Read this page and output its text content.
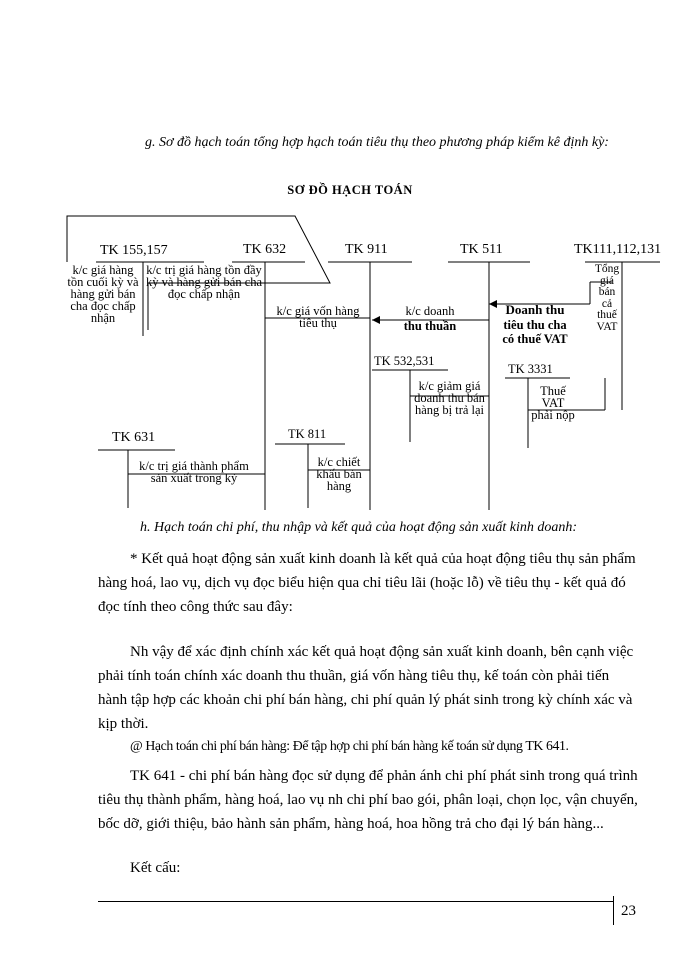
g. Sơ đồ hạch toán tổng hợp hạch toán tiêu thụ theo phương pháp kiểm kê định kỳ:
SƠ ĐỒ HẠCH TOÁN
TK 155,157	TK 632	TK 911	TK 511	TK111,112,131
TK 532,531
TK 3331
TK 631	TK 811
k/c giá hàng tồn cuối kỳ và hàng gửi bán cha đọc chấp nhận
k/c trị giá hàng tồn đầy kỳ và hàng gửi bán cha đọc chấp nhận
k/c giá vốn hàng tiêu thụ
k/c doanh
thu thuần
Doanh thu
tiêu thu cha
có thuế VAT
Tổng giá bán cả thuế VAT
k/c giảm giá doanh thu bán hàng bị trả lại
Thuế VAT phải nộp
k/c trị giá thành phẩm sản xuất trong kỳ
k/c chiết khấu bán hàng
h. Hạch toán chi phí, thu nhập và kết quả của hoạt động sản xuất kinh doanh:
* Kết quả hoạt động sản xuất kinh doanh là kết quả của hoạt động tiêu thụ sản phẩm hàng hoá, lao vụ, dịch vụ đọc biểu hiện qua chỉ tiêu lãi (hoặc lỗ) về tiêu thụ - kết quả đó đọc tính theo công thức sau đây:
Nh vậy để xác định chính xác kết quả hoạt động sản xuất kinh doanh, bên cạnh việc phải tính toán chính xác doanh thu thuần, giá vốn hàng tiêu thụ, kế toán còn phải tiến hành tập hợp các khoản chi phí bán hàng, chi phí quản lý phát sinh trong kỳ chính xác và kịp thời.
@ Hạch toán chi phí bán hàng: Để tập hợp chi phí bán hàng kế toán sử dụng TK 641.
TK 641 - chi phí bán hàng đọc sử dụng để phản ánh chi phí phát sinh trong quá trình tiêu thụ thành phẩm, hàng hoá, lao vụ nh chi phí bao gói, phân loại, chọn lọc, vận chuyển, bốc dỡ, giới thiệu, bảo hành sản phẩm, hàng hoá, hoa hồng trả cho đại lý bán hàng...
Kết cấu:
23
